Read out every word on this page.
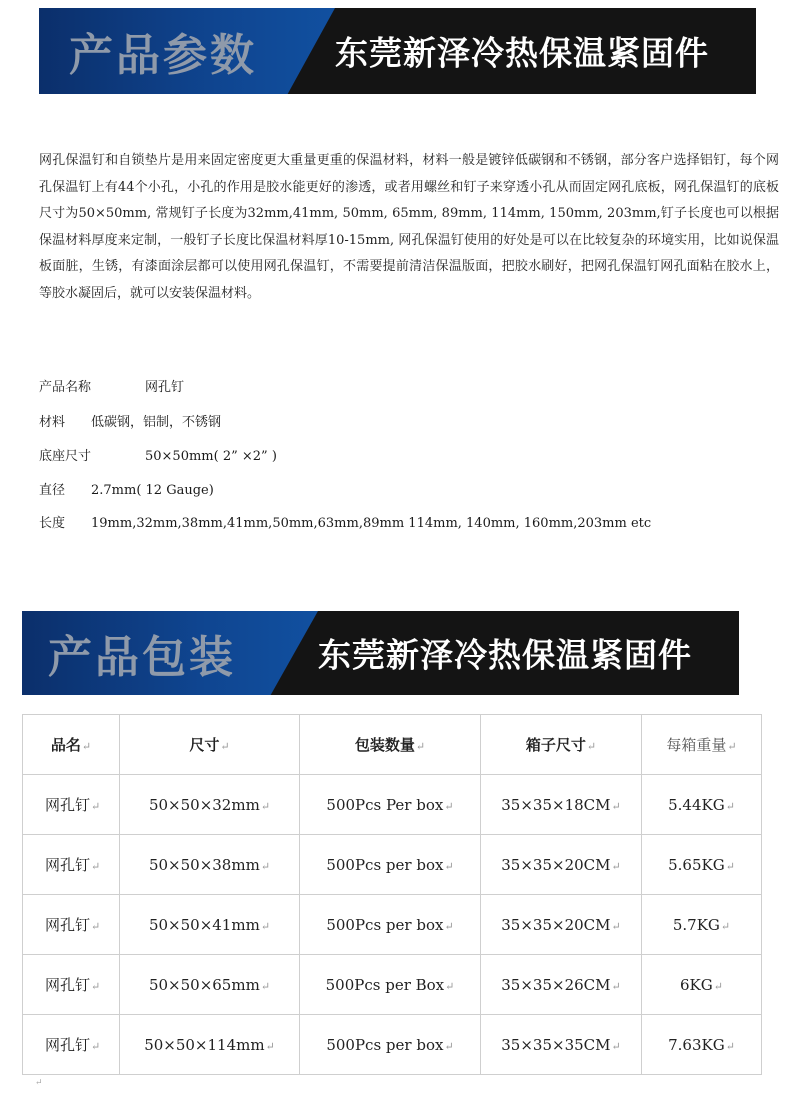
产品参数 东莞新泽冷热保温紧固件
网孔保温钉和自锁垫片是用来固定密度更大重量更重的保温材料，材料一般是镀锌低碳钢和不锈钢，部分客户选择铝钉，每个网孔保温钉上有44个小孔，小孔的作用是胶水能更好的渗透，或者用螺丝和钉子来穿透小孔从而固定网孔底板，网孔保温钉的底板尺寸为50×50mm, 常规钉子长度为32mm,41mm, 50mm, 65mm, 89mm, 114mm, 150mm, 203mm,钉子长度也可以根据保温材料厚度来定制，一般钉子长度比保温材料厚10-15mm, 网孔保温钉使用的好处是可以在比较复杂的环境实用，比如说保温板面脏，生锈，有漆面涂层都可以使用网孔保温钉，不需要提前清洁保温版面，把胶水刷好，把网孔保温钉网孔面粘在胶水上，等胶水凝固后，就可以安装保温材料。
产品名称	网孔钉
材料 低碳钢，铝制，不锈钢
底座尺寸	50×50mm( 2” ×2” )
直径 2.7mm( 12 Gauge)
长度 19mm,32mm,38mm,41mm,50mm,63mm,89mm 114mm, 140mm, 160mm,203mm etc
产品包装 东莞新泽冷热保温紧固件
品名↵	尺寸↵	包装数量↵	箱子尺寸↵	每箱重量↵
网孔钉↵	50×50×32mm↵	500Pcs Per box↵	35×35×18CM↵	5.44KG↵
网孔钉↵	50×50×38mm↵	500Pcs per box↵	35×35×20CM↵	5.65KG↵
网孔钉↵	50×50×41mm↵	500Pcs per box↵	35×35×20CM↵	5.7KG↵
网孔钉↵	50×50×65mm↵	500Pcs per Box↵	35×35×26CM↵	6KG↵
网孔钉↵	50×50×114mm↵	500Pcs per box↵	35×35×35CM↵	7.63KG↵
↵
